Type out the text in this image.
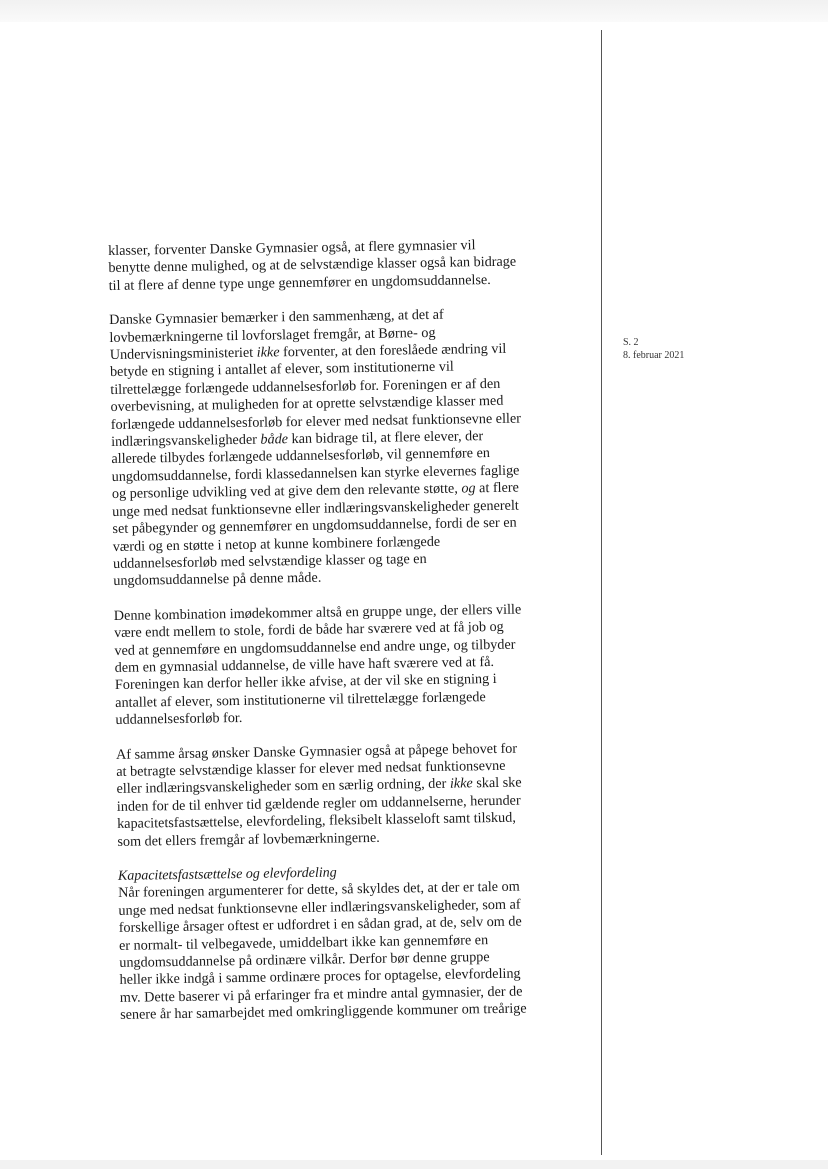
S. 2
8. februar 2021
klasser, forventer Danske Gymnasier også, at flere gymnasier vil
benytte denne mulighed, og at de selvstændige klasser også kan bidrage
til at flere af denne type unge gennemfører en ungdomsuddannelse.
Danske Gymnasier bemærker i den sammenhæng, at det af
lovbemærkningerne til lovforslaget fremgår, at Børne- og
Undervisningsministeriet ikke forventer, at den foreslåede ændring vil
betyde en stigning i antallet af elever, som institutionerne vil
tilrettelægge forlængede uddannelsesforløb for. Foreningen er af den
overbevisning, at muligheden for at oprette selvstændige klasser med
forlængede uddannelsesforløb for elever med nedsat funktionsevne eller
indlæringsvanskeligheder både kan bidrage til, at flere elever, der
allerede tilbydes forlængede uddannelsesforløb, vil gennemføre en
ungdomsuddannelse, fordi klassedannelsen kan styrke elevernes faglige
og personlige udvikling ved at give dem den relevante støtte, og at flere
unge med nedsat funktionsevne eller indlæringsvanskeligheder generelt
set påbegynder og gennemfører en ungdomsuddannelse, fordi de ser en
værdi og en støtte i netop at kunne kombinere forlængede
uddannelsesforløb med selvstændige klasser og tage en
ungdomsuddannelse på denne måde.
Denne kombination imødekommer altså en gruppe unge, der ellers ville
være endt mellem to stole, fordi de både har sværere ved at få job og
ved at gennemføre en ungdomsuddannelse end andre unge, og tilbyder
dem en gymnasial uddannelse, de ville have haft sværere ved at få.
Foreningen kan derfor heller ikke afvise, at der vil ske en stigning i
antallet af elever, som institutionerne vil tilrettelægge forlængede
uddannelsesforløb for.
Af samme årsag ønsker Danske Gymnasier også at påpege behovet for
at betragte selvstændige klasser for elever med nedsat funktionsevne
eller indlæringsvanskeligheder som en særlig ordning, der ikke skal ske
inden for de til enhver tid gældende regler om uddannelserne, herunder
kapacitetsfastsættelse, elevfordeling, fleksibelt klasseloft samt tilskud,
som det ellers fremgår af lovbemærkningerne.
Kapacitetsfastsættelse og elevfordeling
Når foreningen argumenterer for dette, så skyldes det, at der er tale om
unge med nedsat funktionsevne eller indlæringsvanskeligheder, som af
forskellige årsager oftest er udfordret i en sådan grad, at de, selv om de
er normalt- til velbegavede, umiddelbart ikke kan gennemføre en
ungdomsuddannelse på ordinære vilkår. Derfor bør denne gruppe
heller ikke indgå i samme ordinære proces for optagelse, elevfordeling
mv. Dette baserer vi på erfaringer fra et mindre antal gymnasier, der de
senere år har samarbejdet med omkringliggende kommuner om treårige
